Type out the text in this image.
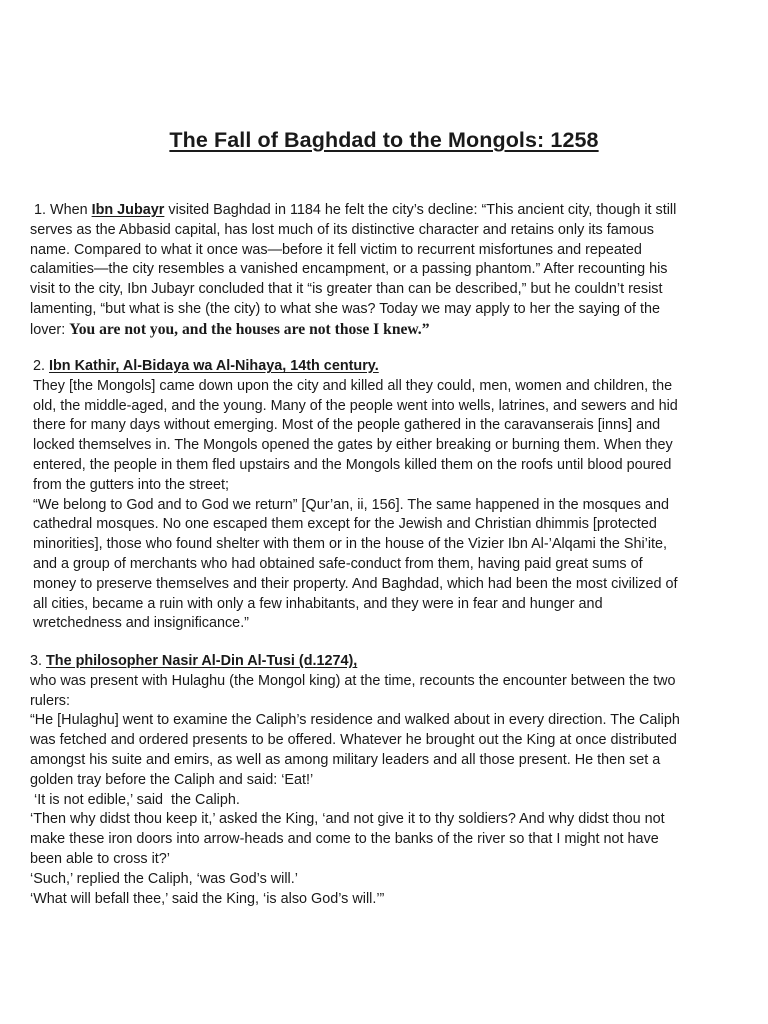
The Fall of Baghdad to the Mongols: 1258
1. When Ibn Jubayr visited Baghdad in 1184 he felt the city’s decline: “This ancient city, though it still
serves as the Abbasid capital, has lost much of its distinctive character and retains only its famous
name. Compared to what it once was—before it fell victim to recurrent misfortunes and repeated
calamities—the city resembles a vanished encampment, or a passing phantom.” After recounting his
visit to the city, Ibn Jubayr concluded that it “is greater than can be described,” but he couldn’t resist
lamenting, “but what is she (the city) to what she was? Today we may apply to her the saying of the
lover: You are not you, and the houses are not those I knew.”
2. Ibn Kathir, Al-Bidaya wa Al-Nihaya, 14th century.
They [the Mongols] came down upon the city and killed all they could, men, women and children, the
old, the middle-aged, and the young. Many of the people went into wells, latrines, and sewers and hid
there for many days without emerging. Most of the people gathered in the caravanserais [inns] and
locked themselves in. The Mongols opened the gates by either breaking or burning them. When they
entered, the people in them fled upstairs and the Mongols killed them on the roofs until blood poured
from the gutters into the street;
“We belong to God and to God we return” [Qur’an, ii, 156]. The same happened in the mosques and
cathedral mosques. No one escaped them except for the Jewish and Christian dhimmis [protected
minorities], those who found shelter with them or in the house of the Vizier Ibn Al-’Alqami the Shi’ite,
and a group of merchants who had obtained safe-conduct from them, having paid great sums of
money to preserve themselves and their property. And Baghdad, which had been the most civilized of
all cities, became a ruin with only a few inhabitants, and they were in fear and hunger and
wretchedness and insignificance.”
3. The philosopher Nasir Al-Din Al-Tusi (d.1274),
who was present with Hulaghu (the Mongol king) at the time, recounts the encounter between the two
rulers:
“He [Hulaghu] went to examine the Caliph’s residence and walked about in every direction. The Caliph
was fetched and ordered presents to be offered. Whatever he brought out the King at once distributed
amongst his suite and emirs, as well as among military leaders and all those present. He then set a
golden tray before the Caliph and said: ‘Eat!’
‘It is not edible,’ said  the Caliph.
‘Then why didst thou keep it,’ asked the King, ‘and not give it to thy soldiers? And why didst thou not
make these iron doors into arrow-heads and come to the banks of the river so that I might not have
been able to cross it?’
‘Such,’ replied the Caliph, ‘was God’s will.’
‘What will befall thee,’ said the King, ‘is also God’s will.’”
